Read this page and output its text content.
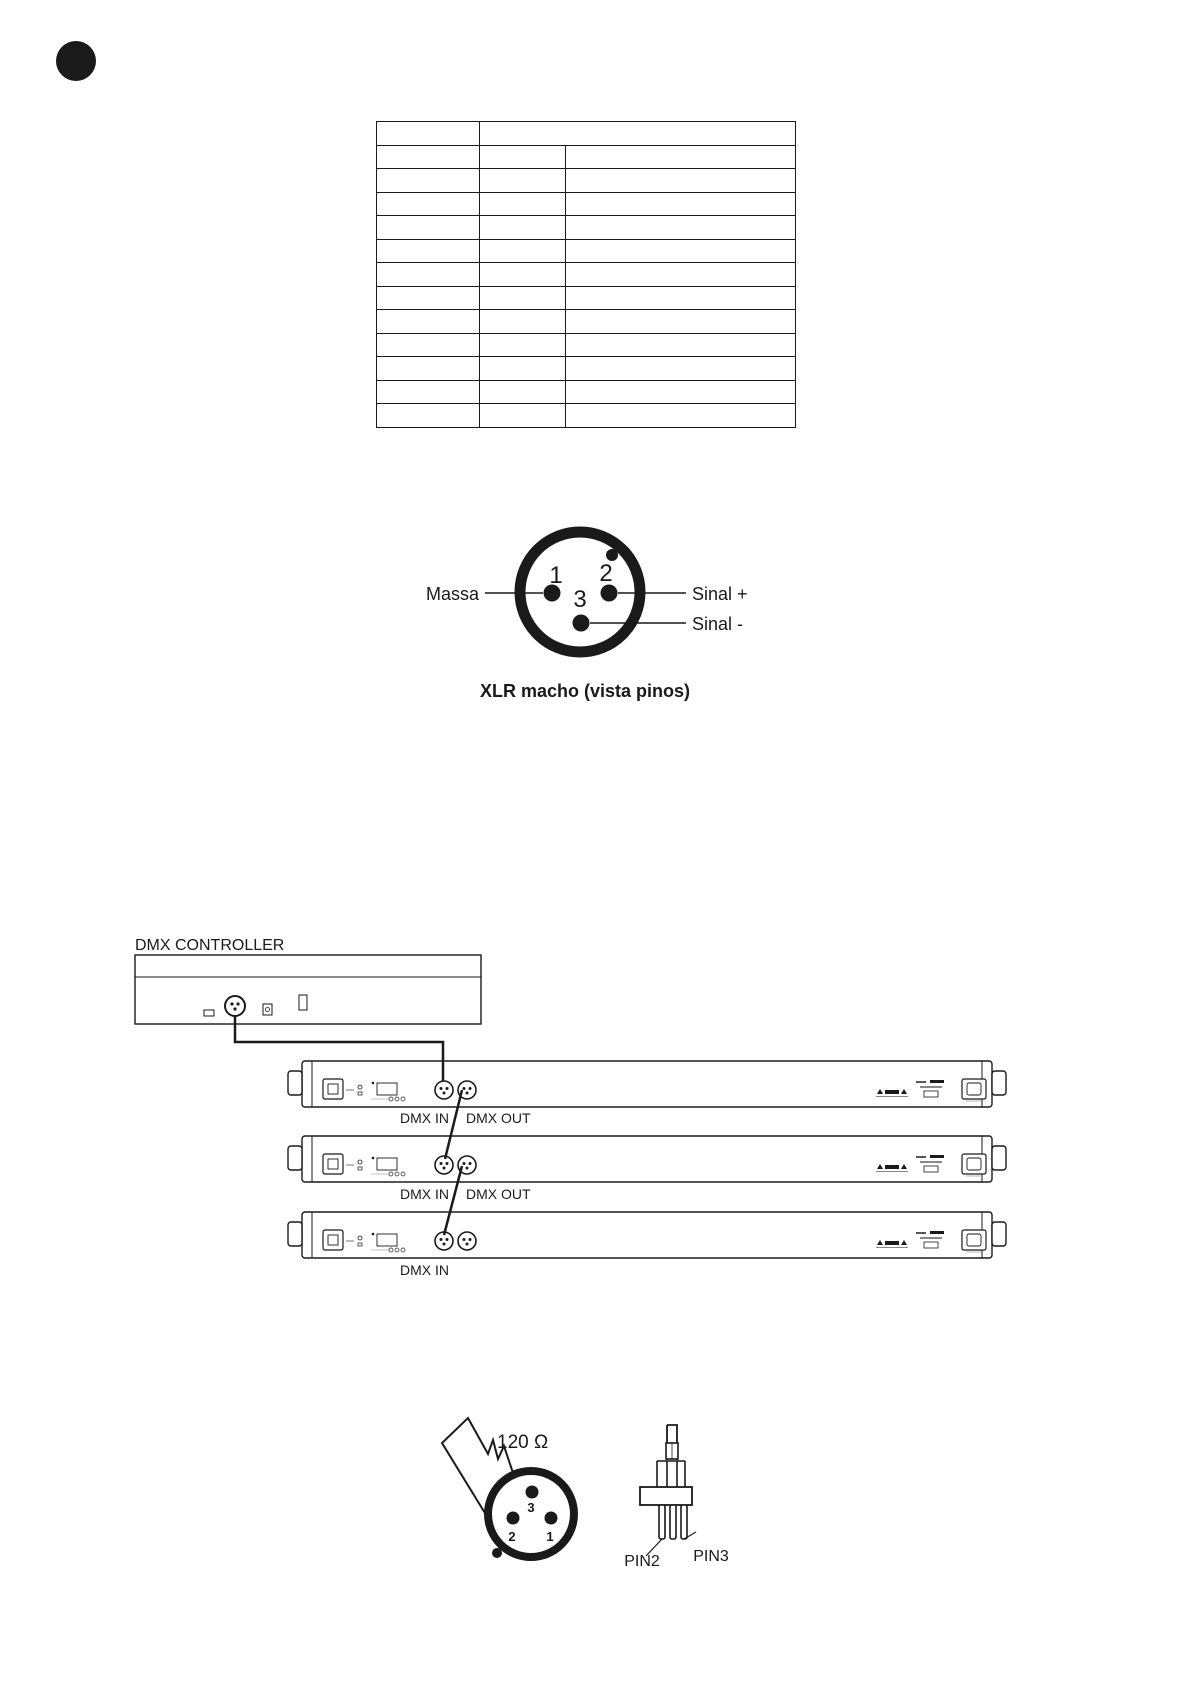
1 2
3
Massa	Sinal +
Sinal -
XLR macho (vista pinos)
DMX CONTROLLER
DMX IN DMX OUT
DMX IN DMX OUT
DMX IN
120 Ω
3
2 1
PIN2 PIN3
